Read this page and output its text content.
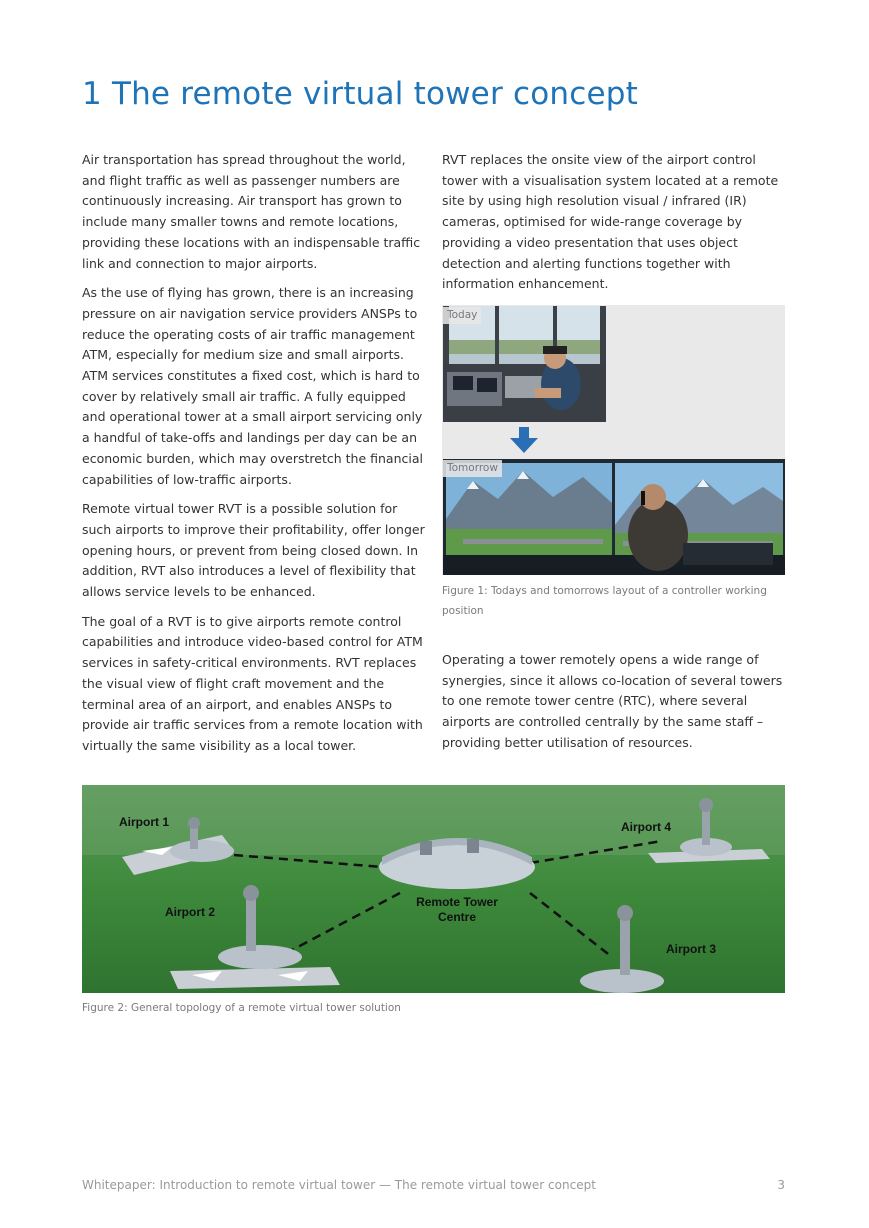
1 The remote virtual tower concept

Air transportation has spread throughout the world, and flight traffic as well as passenger numbers are continuously increasing. Air transport has grown to include many smaller towns and remote locations, providing these locations with an indispensable traffic link and connection to major airports.

As the use of flying has grown, there is an increasing pressure on air navigation service providers ANSPs to reduce the operating costs of air traffic management ATM, especially for medium size and small airports. ATM services constitutes a fixed cost, which is hard to cover by relatively small air traffic. A fully equipped and operational tower at a small airport servicing only a handful of take-offs and landings per day can be an economic burden, which may overstretch the financial capabilities of low-traffic airports.

Remote virtual tower RVT is a possible solution for such airports to improve their profitability, offer longer opening hours, or prevent from being closed down. In addition, RVT also introduces a level of flexibility that allows service levels to be enhanced.

The goal of a RVT is to give airports remote control capabilities and introduce video-based control for ATM services in safety-critical environments. RVT replaces the visual view of flight craft movement and the terminal area of an airport, and enables ANSPs to provide air traffic services from a remote location with virtually the same visibility as a local tower.

RVT replaces the onsite view of the airport control tower with a visualisation system located at a remote site by using high resolution visual / infrared (IR) cameras, optimised for wide-range coverage by providing a video presentation that uses object detection and alerting functions together with information enhancement.

Today
Tomorrow
Figure 1: Todays and tomorrows layout of a controller working position
Operating a tower remotely opens a wide range of synergies, since it allows co-location of several towers to one remote tower centre (RTC), where several airports are controlled centrally by the same staff – providing better utilisation of resources.
Remote Tower
Centre
Airport 1	Airport 4
Airport 2
Airport 3
Figure 2: General topology of a remote virtual tower solution
Whitepaper: Introduction to remote virtual tower — The remote virtual tower concept	3
